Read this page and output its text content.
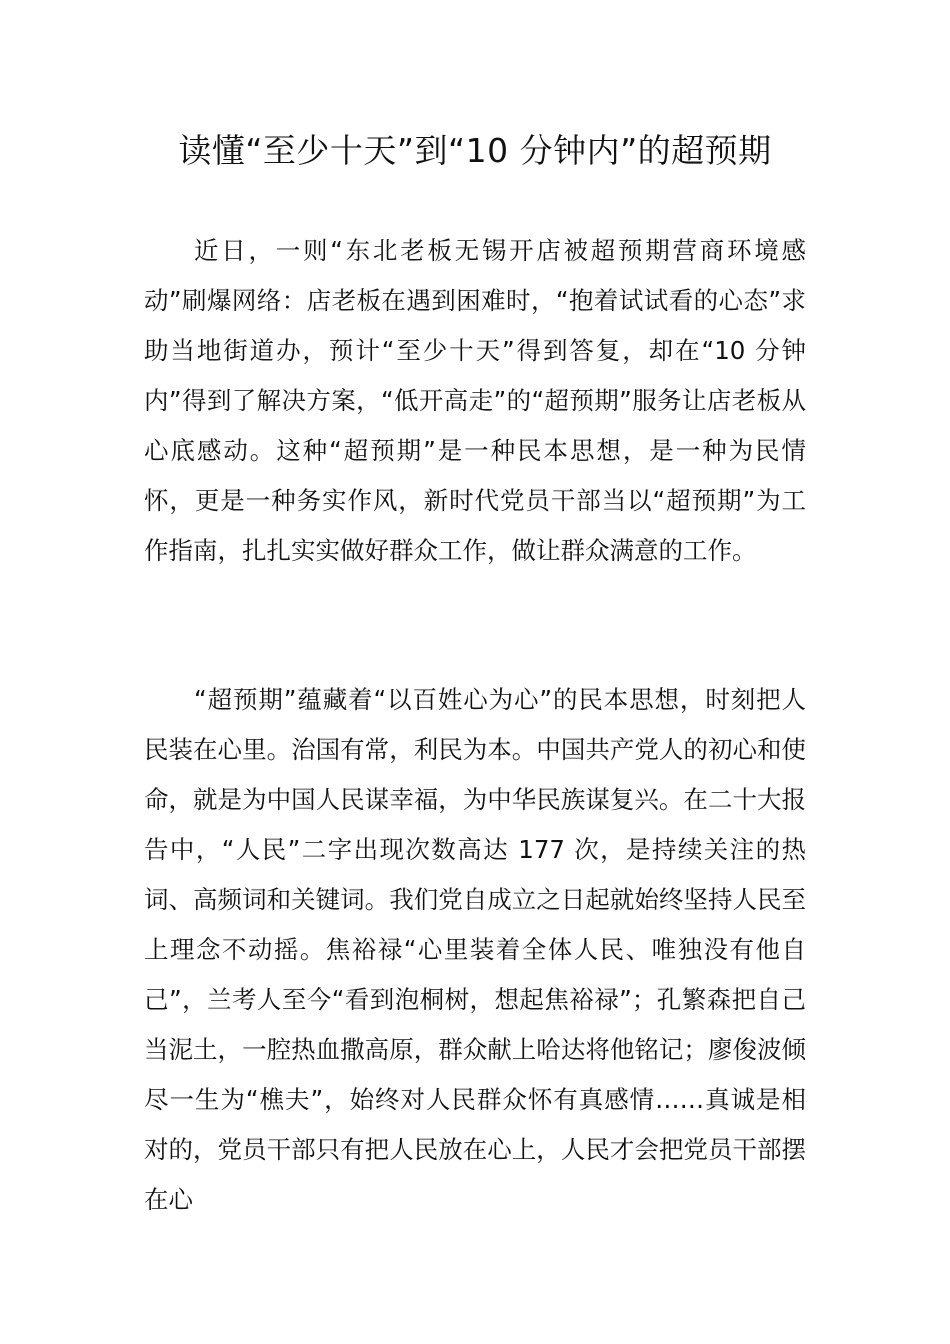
读懂“至少十天”到“10 分钟内”的超预期

近日，一则“东北老板无锡开店被超预期营商环境感动”刷爆网络：店老板在遇到困难时，“抱着试试看的心态”求助当地街道办，预计“至少十天”得到答复，却在“10 分钟内”得到了解决方案，“低开高走”的“超预期”服务让店老板从心底感动。这种“超预期”是一种民本思想，是一种为民情怀，更是一种务实作风，新时代党员干部当以“超预期”为工作指南，扎扎实实做好群众工作，做让群众满意的工作。

“超预期”蕴藏着“以百姓心为心”的民本思想，时刻把人民装在心里。治国有常，利民为本。中国共产党人的初心和使命，就是为中国人民谋幸福，为中华民族谋复兴。在二十大报告中，“人民”二字出现次数高达 177 次，是持续关注的热词、高频词和关键词。我们党自成立之日起就始终坚持人民至上理念不动摇。焦裕禄“心里装着全体人民、唯独没有他自己”，兰考人至今“看到泡桐树，想起焦裕禄”；孔繁森把自己当泥土，一腔热血撒高原，群众献上哈达将他铭记；廖俊波倾尽一生为“樵夫”，始终对人民群众怀有真感情……真诚是相对的，党员干部只有把人民放在心上，人民才会把党员干部摆在心
